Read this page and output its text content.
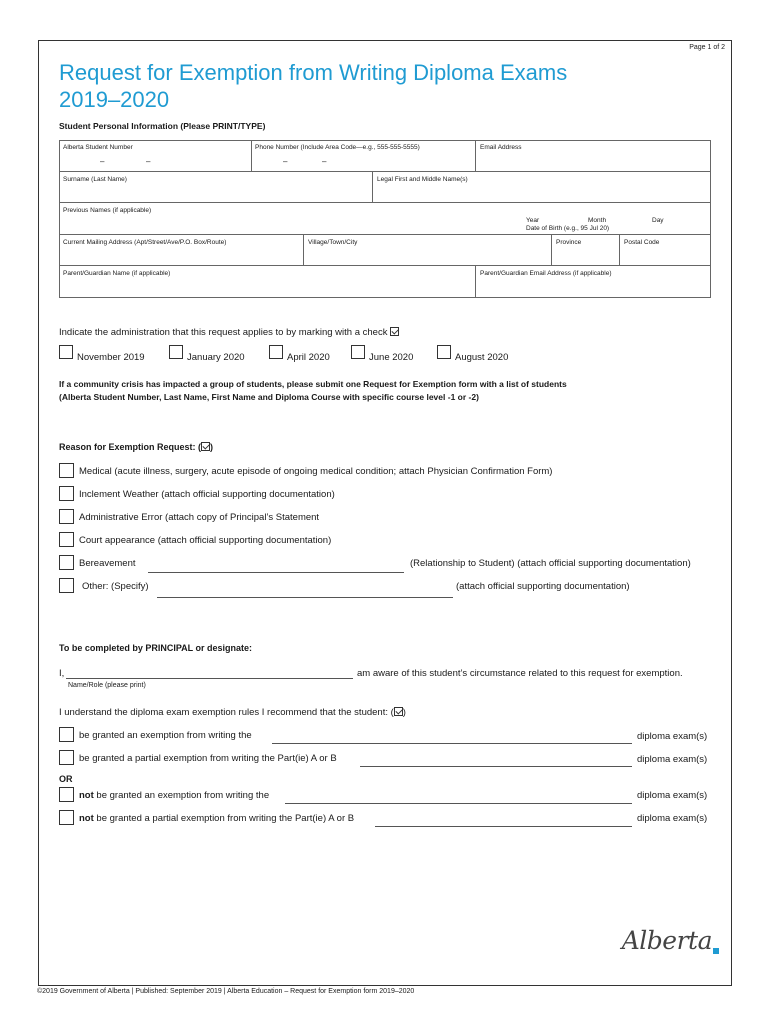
Page 1 of 2
Request for Exemption from Writing Diploma Exams
2019–2020
Student Personal Information (Please PRINT/TYPE)
Alberta Student Number
–	–
Phone Number (Include Area Code—e.g., 555-555-5555)
–	–
Email Address
Surname (Last Name)	Legal First and Middle Name(s)
Previous Names (if applicable)
Year	Month	Day
Date of Birth (e.g., 95 Jul 20)
Current Mailing Address (Apt/Street/Ave/P.O. Box/Route)	Village/Town/City	Province	Postal Code
Parent/Guardian Name (if applicable)	Parent/Guardian Email Address (if applicable)
Indicate the administration that this request applies to by marking with a check
November 2019	January 2020	April 2020	June 2020	August 2020
If a community crisis has impacted a group of students, please submit one Request for Exemption form with a list of students
(Alberta Student Number, Last Name, First Name and Diploma Course with specific course level -1 or -2)
Reason for Exemption Request: ( )
Medical (acute illness, surgery, acute episode of ongoing medical condition; attach Physician Confirmation Form)
Inclement Weather (attach official supporting documentation)
Administrative Error (attach copy of Principal’s Statement
Court appearance (attach official supporting documentation)
Bereavement	(Relationship to Student) (attach official supporting documentation)
Other: (Specify)	(attach official supporting documentation)
To be completed by PRINCIPAL or designate:
I,	am aware of this student’s circumstance related to this request for exemption.
Name/Role (please print)
I understand the diploma exam exemption rules I recommend that the student: ( )
be granted an exemption from writing the	diploma exam(s)
be granted a partial exemption from writing the Part(ie) A or B	diploma exam(s)
OR
not be granted an exemption from writing the	diploma exam(s)
not be granted a partial exemption from writing the Part(ie) A or B	diploma exam(s)
Alberta
©2019 Government of Alberta | Published: September 2019 | Alberta Education – Request for Exemption form 2019–2020
